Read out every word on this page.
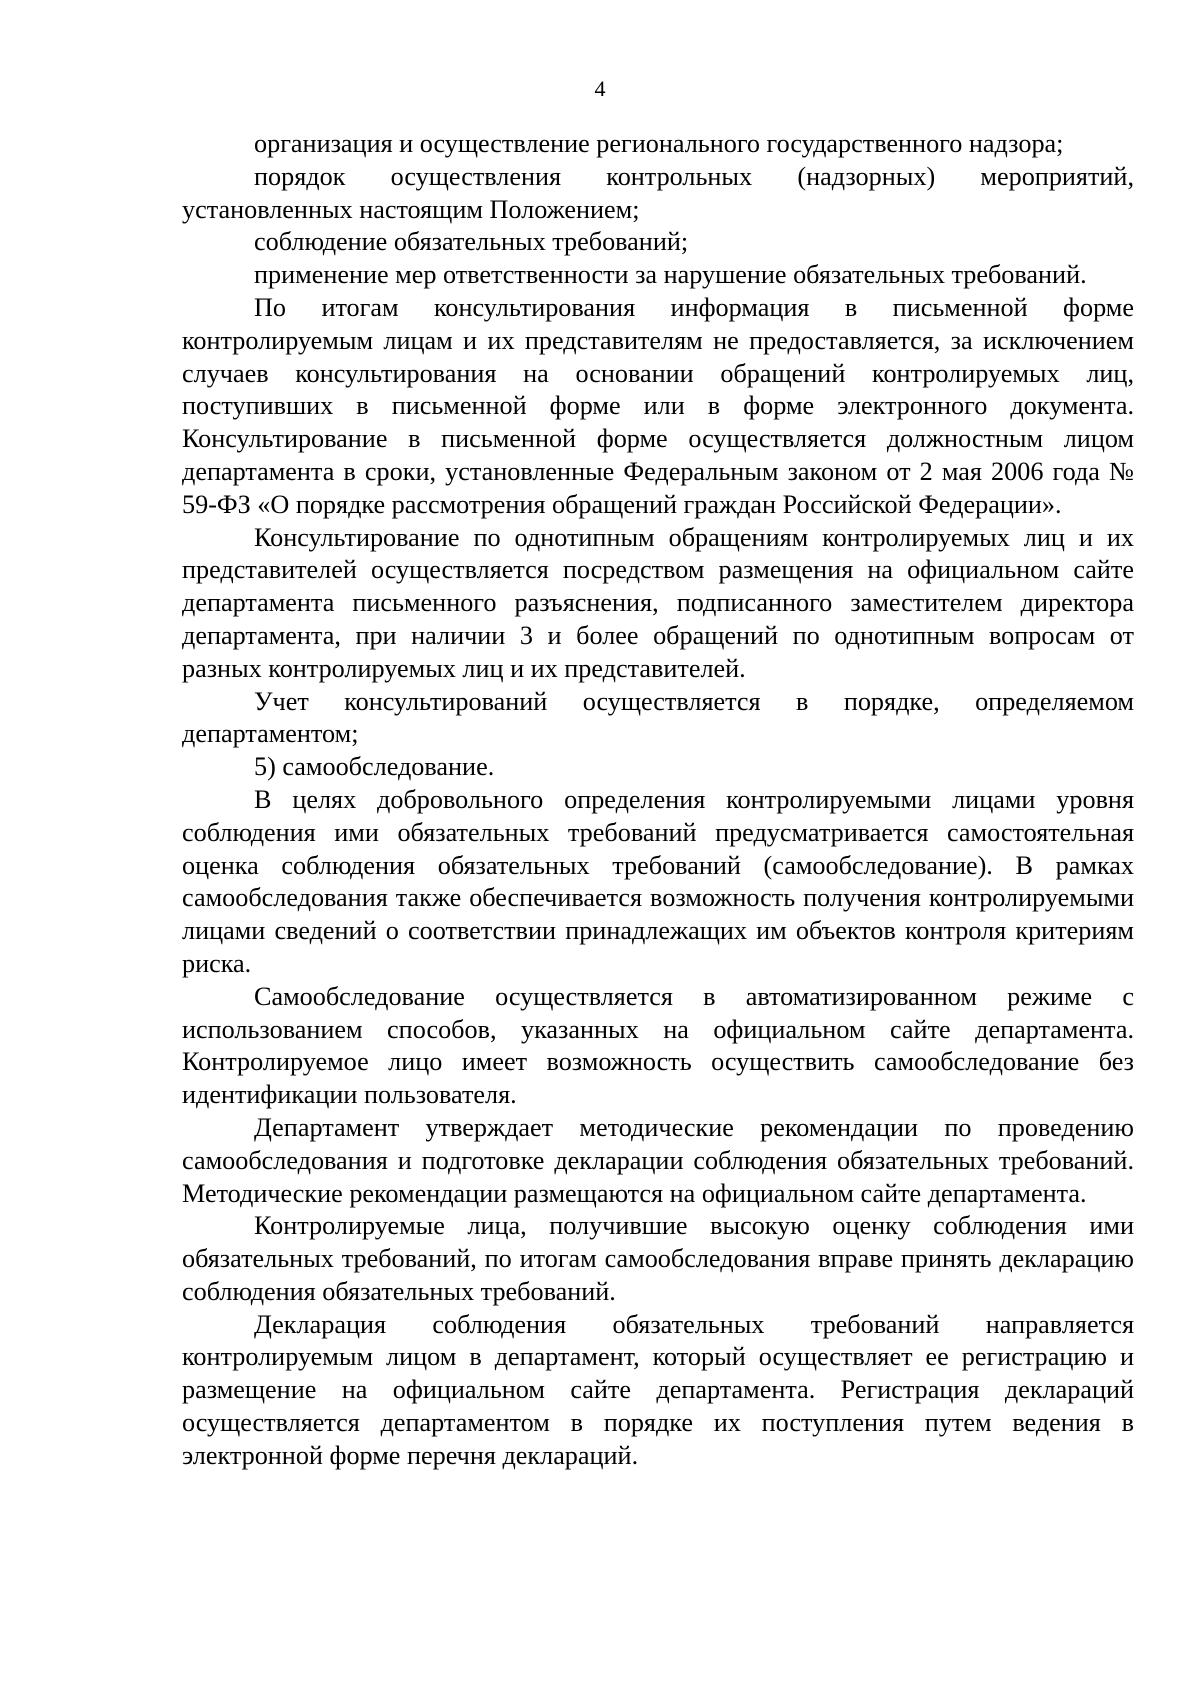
4

организация и осуществление регионального государственного надзора;

порядок осуществления контрольных (надзорных) мероприятий, установленных настоящим Положением;

соблюдение обязательных требований;

применение мер ответственности за нарушение обязательных требований.

По итогам консультирования информация в письменной форме контролируемым лицам и их представителям не предоставляется, за исключением случаев консультирования на основании обращений контролируемых лиц, поступивших в письменной форме или в форме электронного документа. Консультирование в письменной форме осуществляется должностным лицом департамента в сроки, установленные Федеральным законом от 2 мая 2006 года № 59-ФЗ «О порядке рассмотрения обращений граждан Российской Федерации».

Консультирование по однотипным обращениям контролируемых лиц и их представителей осуществляется посредством размещения на официальном сайте департамента письменного разъяснения, подписанного заместителем директора департамента, при наличии 3 и более обращений по однотипным вопросам от разных контролируемых лиц и их представителей.

Учет консультирований осуществляется в порядке, определяемом департаментом;

5) самообследование.

В целях добровольного определения контролируемыми лицами уровня соблюдения ими обязательных требований предусматривается самостоятельная оценка соблюдения обязательных требований (самообследование). В рамках самообследования также обеспечивается возможность получения контролируемыми лицами сведений о соответствии принадлежащих им объектов контроля критериям риска.

Самообследование осуществляется в автоматизированном режиме с использованием способов, указанных на официальном сайте департамента. Контролируемое лицо имеет возможность осуществить самообследование без идентификации пользователя.

Департамент утверждает методические рекомендации по проведению самообследования и подготовке декларации соблюдения обязательных требований. Методические рекомендации размещаются на официальном сайте департамента.

Контролируемые лица, получившие высокую оценку соблюдения ими обязательных требований, по итогам самообследования вправе принять декларацию соблюдения обязательных требований.

Декларация соблюдения обязательных требований направляется контролируемым лицом в департамент, который осуществляет ее регистрацию и размещение на официальном сайте департамента. Регистрация деклараций осуществляется департаментом в порядке их поступления путем ведения в электронной форме перечня деклараций.
